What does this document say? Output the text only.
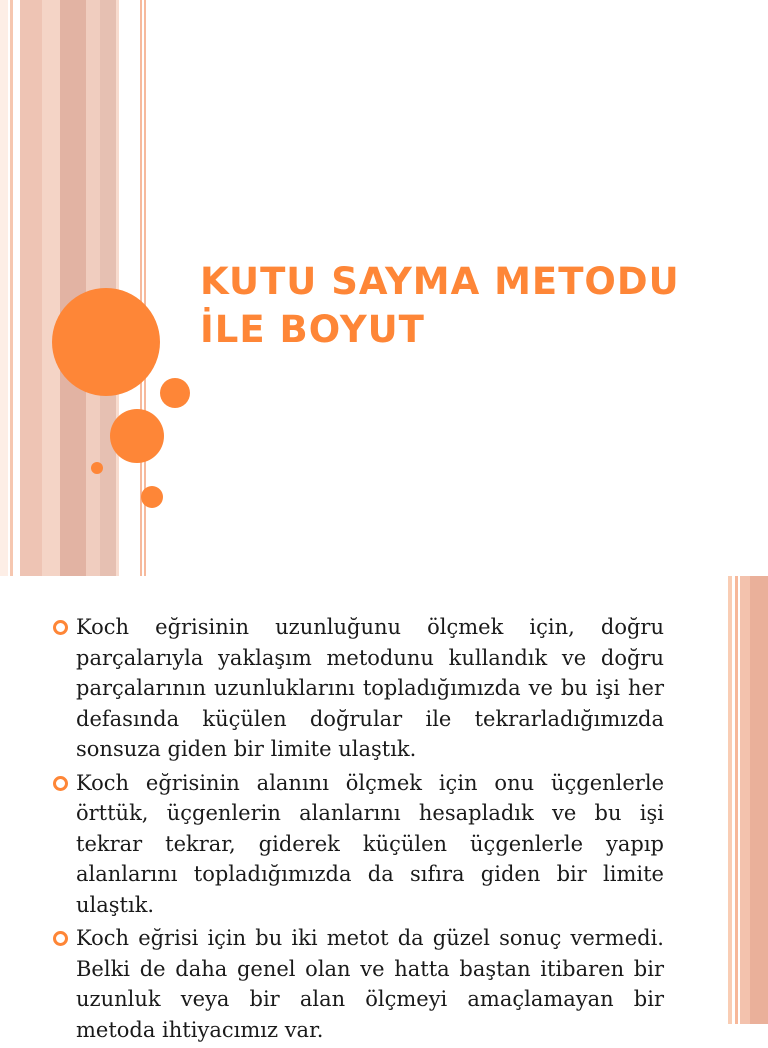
KUTU SAYMA METODU
İLE BOYUT

Koch eğrisinin uzunluğunu ölçmek için, doğru parçalarıyla yaklaşım metodunu kullandık ve doğru parçalarının uzunluklarını topladığımızda ve bu işi her defasında küçülen doğrular ile tekrarladığımızda sonsuza giden bir limite ulaştık.

Koch eğrisinin alanını ölçmek için onu üçgenlerle örttük, üçgenlerin alanlarını hesapladık ve bu işi tekrar tekrar, giderek küçülen üçgenlerle yapıp alanlarını topladığımızda da sıfıra giden bir limite ulaştık.

Koch eğrisi için bu iki metot da güzel sonuç vermedi. Belki de daha genel olan ve hatta baştan itibaren bir uzunluk veya bir alan ölçmeyi amaçlamayan bir metoda ihtiyacımız var.
